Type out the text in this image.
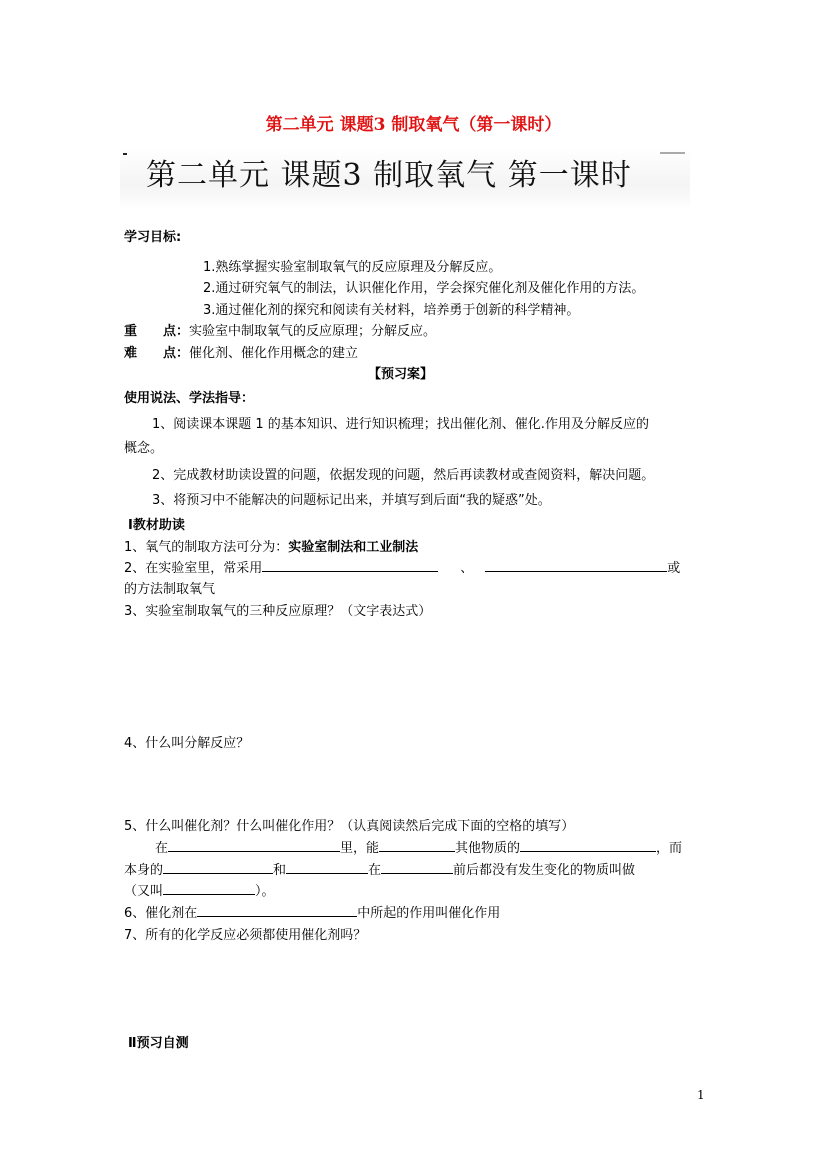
第二单元 课题3 制取氧气（第一课时）
第二单元 课题3 制取氧气 第一课时
学习目标:
1.熟练掌握实验室制取氧气的反应原理及分解反应。
2.通过研究氧气的制法，认识催化作用，学会探究催化剂及催化作用的方法。
3.通过催化剂的探究和阅读有关材料，培养勇于创新的科学精神。
重　　点：实验室中制取氧气的反应原理；分解反应。
难　　点：催化剂、催化作用概念的建立
【预习案】
使用说法、学法指导：
1、阅读课本课题 1 的基本知识、进行知识梳理；找出催化剂、催化.作用及分解反应的
概念。
2、完成教材助读设置的问题，依据发现的问题，然后再读教材或查阅资料，解决问题。
3、将预习中不能解决的问题标记出来，并填写到后面“我的疑惑”处。
Ⅰ教材助读
1、氧气的制取方法可分为：实验室制法和工业制法
2、在实验室里，常采用	、	或
的方法制取氧气
3、实验室制取氧气的三种反应原理？（文字表达式）
4、什么叫分解反应？
5、什么叫催化剂？什么叫催化作用？（认真阅读然后完成下面的空格的填写）
在	里，能	其他物质的	，而
本身的	和	在	前后都没有发生变化的物质叫做
（又叫	）。
6、催化剂在	中所起的作用叫催化作用
7、所有的化学反应必须都使用催化剂吗？
Ⅱ预习自测
1
